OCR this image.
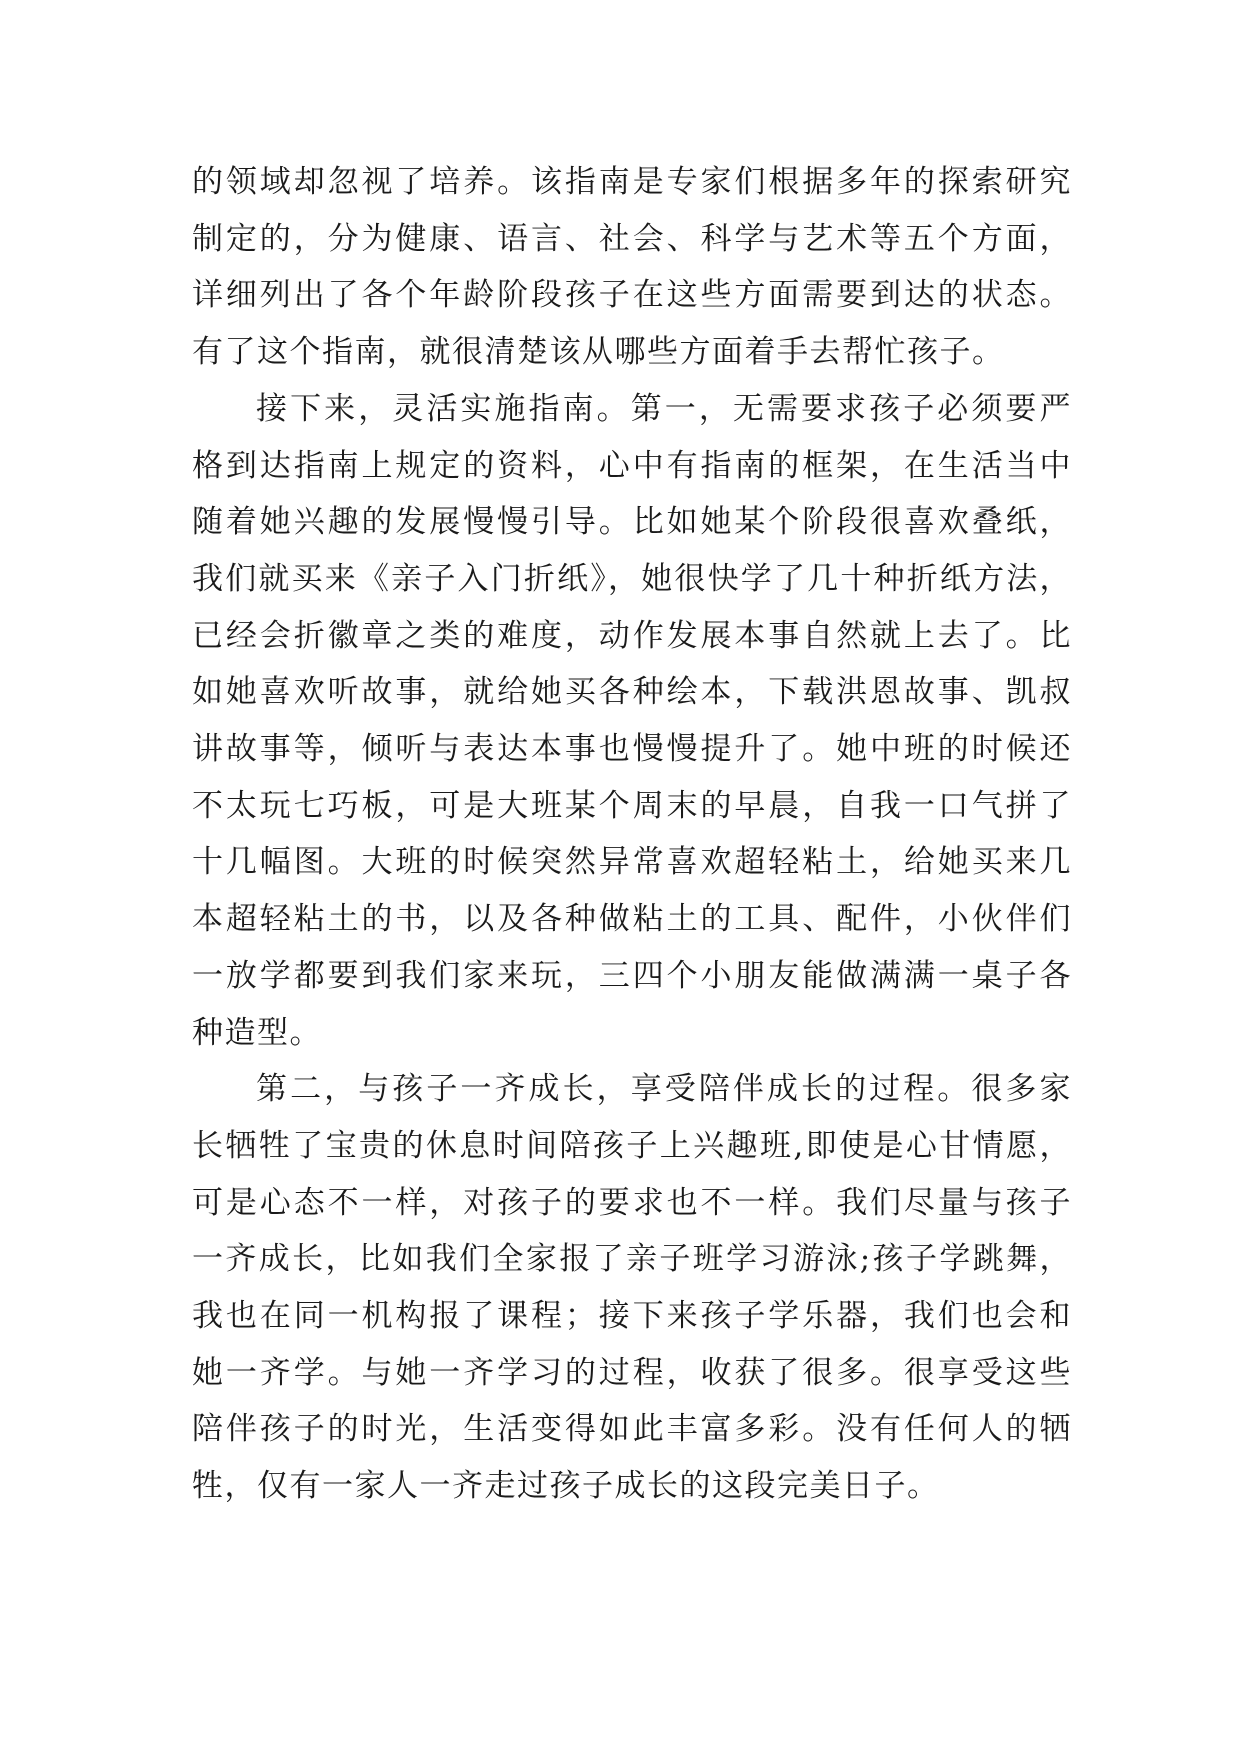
的领域却忽视了培养。该指南是专家们根据多年的探索研究
制定的，分为健康、语言、社会、科学与艺术等五个方面，
详细列出了各个年龄阶段孩子在这些方面需要到达的状态。
有了这个指南，就很清楚该从哪些方面着手去帮忙孩子。
接下来，灵活实施指南。第一，无需要求孩子必须要严
格到达指南上规定的资料，心中有指南的框架，在生活当中
随着她兴趣的发展慢慢引导。比如她某个阶段很喜欢叠纸，
我们就买来《亲子入门折纸》，她很快学了几十种折纸方法，
已经会折徽章之类的难度，动作发展本事自然就上去了。比
如她喜欢听故事，就给她买各种绘本，下载洪恩故事、凯叔
讲故事等，倾听与表达本事也慢慢提升了。她中班的时候还
不太玩七巧板，可是大班某个周末的早晨，自我一口气拼了
十几幅图。大班的时候突然异常喜欢超轻粘土，给她买来几
本超轻粘土的书，以及各种做粘土的工具、配件，小伙伴们
一放学都要到我们家来玩，三四个小朋友能做满满一桌子各
种造型。
第二，与孩子一齐成长，享受陪伴成长的过程。很多家
长牺牲了宝贵的休息时间陪孩子上兴趣班,即使是心甘情愿，
可是心态不一样，对孩子的要求也不一样。我们尽量与孩子
一齐成长，比如我们全家报了亲子班学习游泳;孩子学跳舞，
我也在同一机构报了课程；接下来孩子学乐器，我们也会和
她一齐学。与她一齐学习的过程，收获了很多。很享受这些
陪伴孩子的时光，生活变得如此丰富多彩。没有任何人的牺
牲，仅有一家人一齐走过孩子成长的这段完美日子。
